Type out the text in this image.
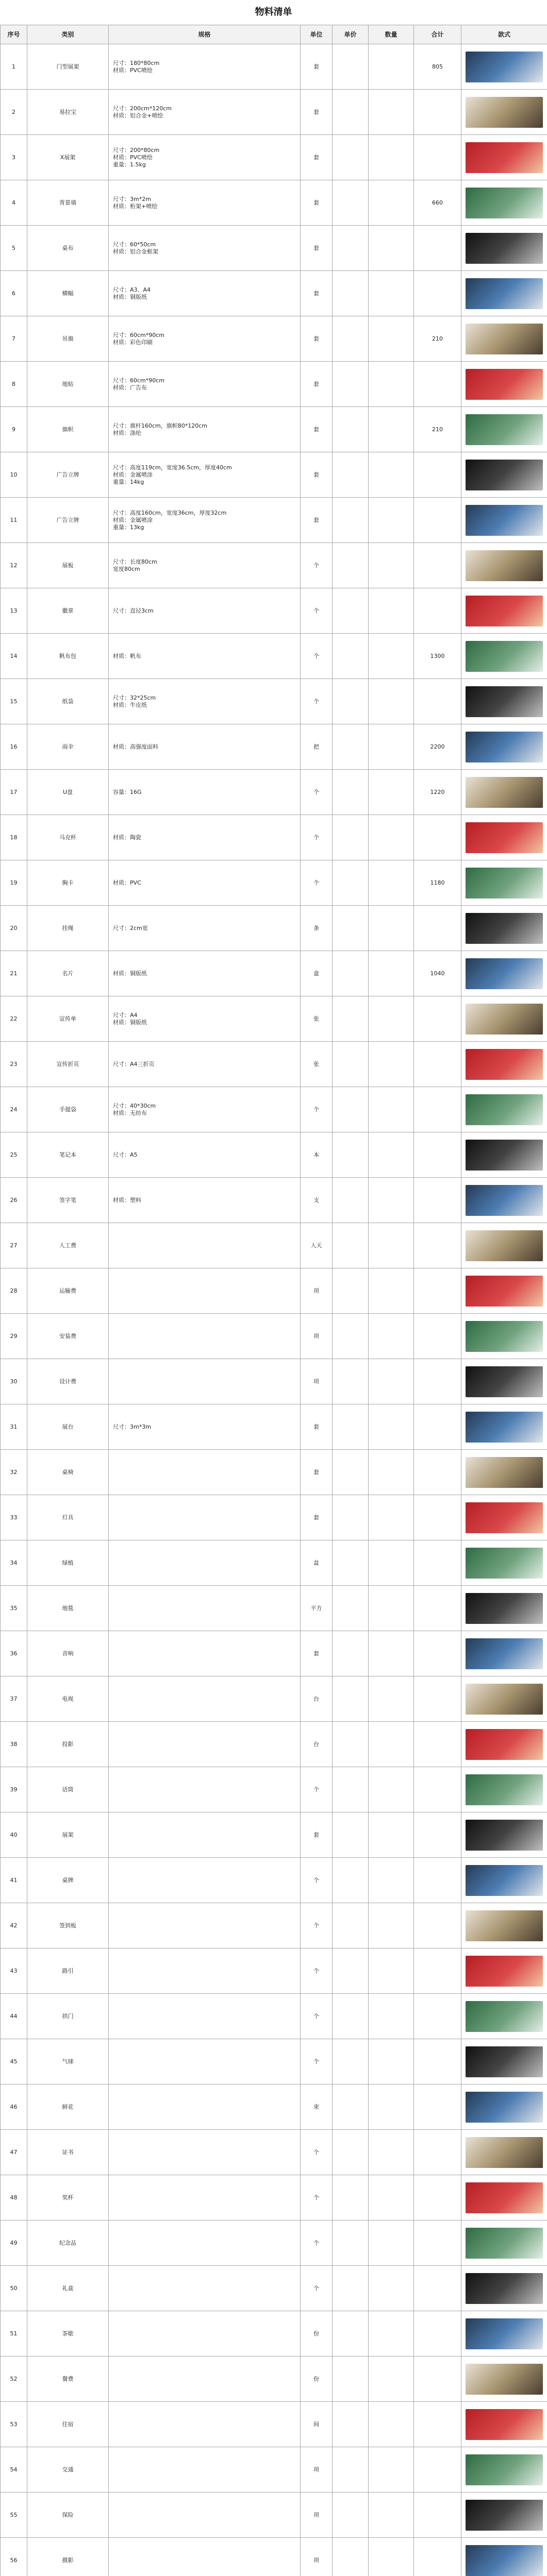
物料清单
序号	类别	规格	单位	单价	数量	合计	款式
1	门型展架	尺寸：180*80cm
材质：PVC喷绘	套			805	

2	易拉宝	尺寸：200cm*120cm
材质：铝合金+喷绘	套				

3	X展架	尺寸：200*80cm
材质：PVC喷绘
重量：1.5kg	套				

4	背景墙	尺寸：3m*2m
材质：桁架+喷绘	套			660	

5	桌布	尺寸：60*50cm
材质：铝合金框架	套				

6	横幅	尺寸：A3、A4
材质：铜版纸	套				

7	吊旗	尺寸：60cm*90cm
材质：彩色印刷	套			210	

8	地贴	尺寸：60cm*90cm
材质：广告布	套				

9	旗帜	尺寸：旗杆160cm，旗帜80*120cm
材质：涤纶	套			210	

10	广告立牌	尺寸：高度119cm，宽度36.5cm，厚度40cm
材质：金属喷涂
重量：14kg	套				

11	广告立牌	尺寸：高度160cm，宽度36cm，厚度32cm
材质：金属喷涂
重量：13kg	套				

12	展板	尺寸：长度80cm
宽度80cm	个				

13	徽章	尺寸：直径3cm	个				

14	帆布包	材质：帆布	个			1300	

15	纸袋	尺寸：32*25cm
材质：牛皮纸	个				

16	雨伞	材质：高强度面料	把			2200	

17	U盘	容量：16G	个			1220	

18	马克杯	材质：陶瓷	个				

19	胸卡	材质：PVC	个			1180	

20	挂绳	尺寸：2cm宽	条				

21	名片	材质：铜版纸	盒			1040	

22	宣传单	尺寸：A4
材质：铜版纸	张				

23	宣传折页	尺寸：A4三折页	张				

24	手提袋	尺寸：40*30cm
材质：无纺布	个				

25	笔记本	尺寸：A5	本				

26	签字笔	材质：塑料	支				

27	人工费		人天				

28	运输费		项				

29	安装费		项				

30	设计费		项				

31	展台	尺寸：3m*3m	套				

32	桌椅		套				

33	灯具		套				

34	绿植		盆				

35	地毯		平方				

36	音响		套				

37	电视		台				

38	投影		台				

39	话筒		个				

40	展架		套				

41	桌牌		个				

42	签到板		个				

43	路引		个				

44	拱门		个				

45	气球		个				

46	鲜花		束				

47	证书		个				

48	奖杯		个				

49	纪念品		个				

50	礼盒		个				

51	茶歇		份				

52	餐费		份				

53	住宿		间				

54	交通		项				

55	保险		项				

56	摄影		项				
